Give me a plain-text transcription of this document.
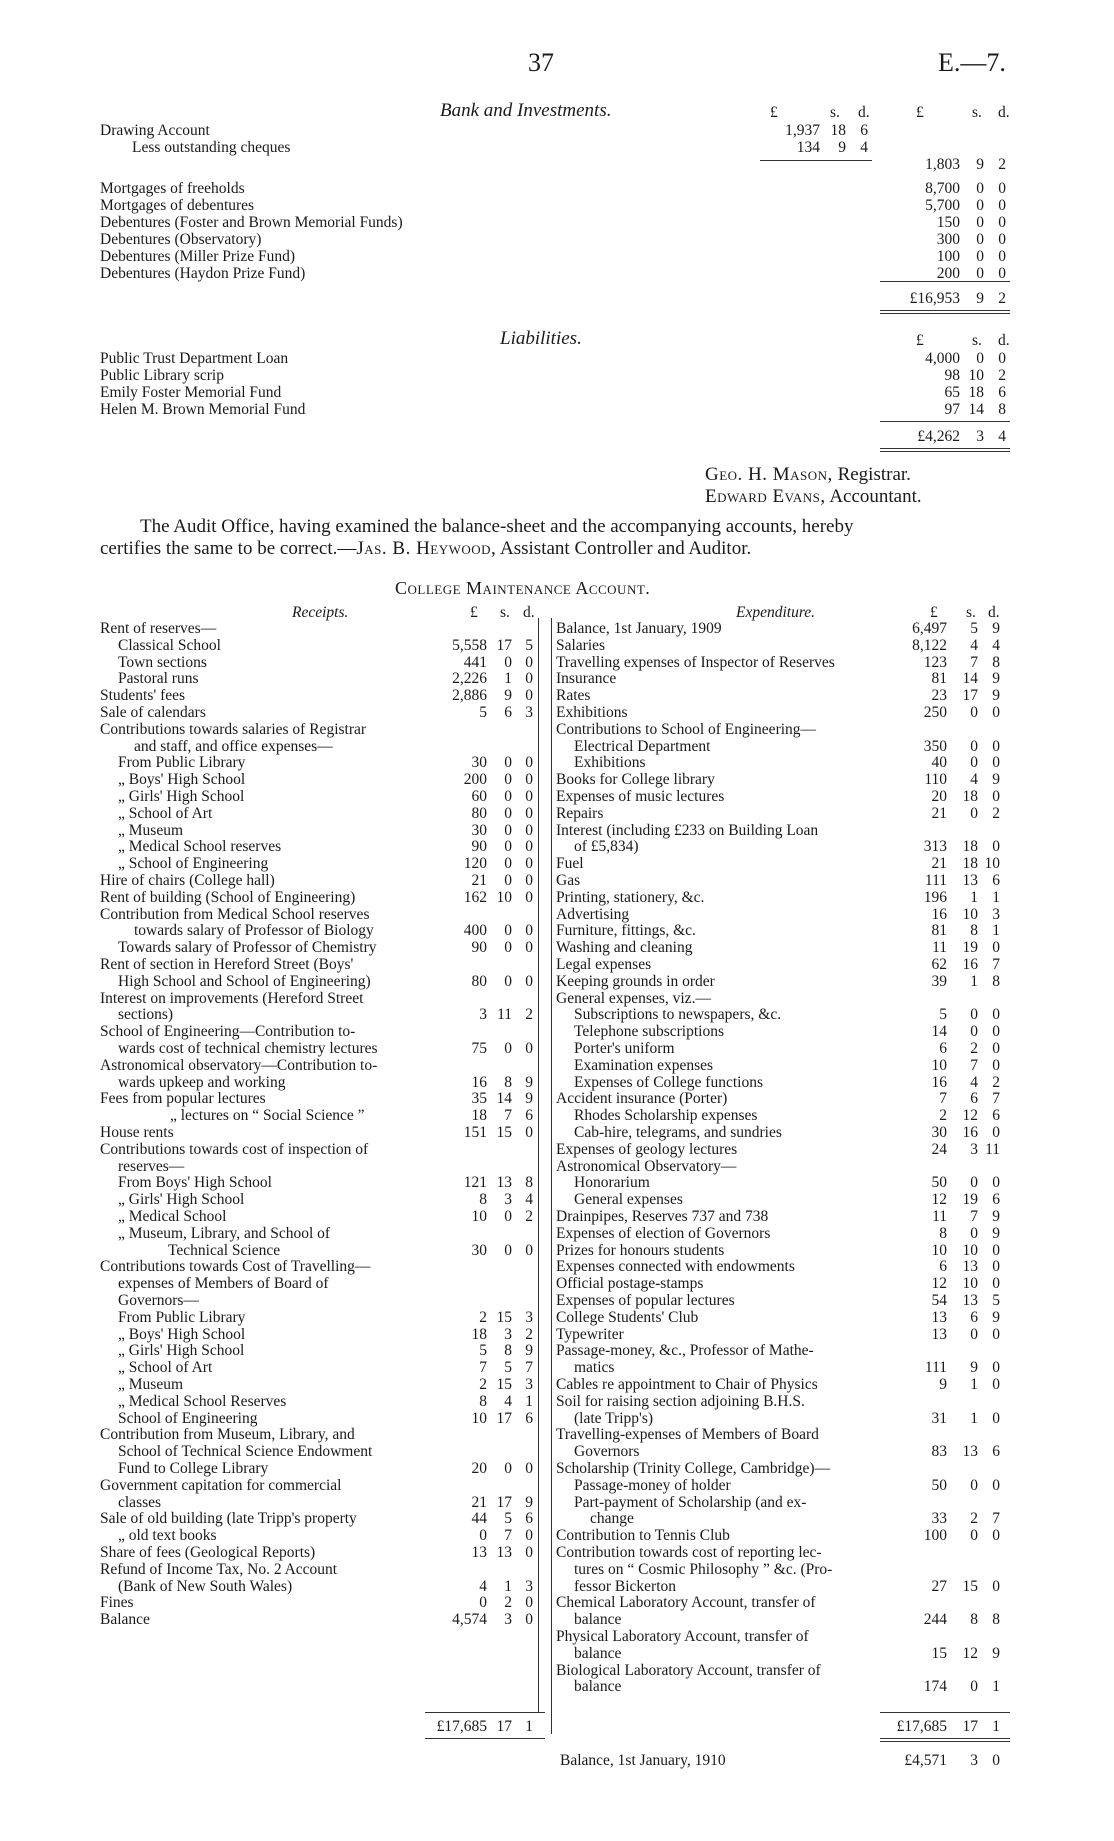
37	E.—7.
Bank and Investments.	£	s. d.	£	s. d.
Drawing Account	1,937 18 6
Less outstanding cheques	134	9 4
1,803	9 2
Mortgages of freeholds	8,700	0 0
Mortgages of debentures	5,700	0 0
Debentures (Foster and Brown Memorial Funds)	150	0 0
Debentures (Observatory)	300	0 0
Debentures (Miller Prize Fund)	100	0 0
Debentures (Haydon Prize Fund)	200	0 0
£16,953	9 2
Liabilities.	£	s. d.
Public Trust Department Loan	4,000	0 0
Public Library scrip	98 10 2
Emily Foster Memorial Fund	65 18 6
Helen M. Brown Memorial Fund	97 14 8
£4,262	3 4
Geo. H. Mason, Registrar.
Edward Evans, Accountant.
The Audit Office, having examined the balance-sheet and the accompanying accounts, hereby
certifies the same to be correct.—Jas. B. Heywood, Assistant Controller and Auditor.
College Maintenance Account.
Receipts.	Expenditure.
£ s. d.	£ s. d.
Rent of reserves—
Classical School	5,558 17 5
Town sections	441	0 0
Pastoral runs	2,226	1 0
Students' fees	2,886	9 0
Sale of calendars	5	6 3
Contributions towards salaries of Registrar
and staff, and office expenses—
From Public Library	30	0 0
„ Boys' High School	200	0 0
„ Girls' High School	60	0 0
„ School of Art	80	0 0
„ Museum	30	0 0
„ Medical School reserves	90	0 0
„ School of Engineering	120	0 0
Hire of chairs (College hall)	21	0 0
Rent of building (School of Engineering)	162 10 0
Contribution from Medical School reserves
towards salary of Professor of Biology	400	0 0
Towards salary of Professor of Chemistry	90	0 0
Rent of section in Hereford Street (Boys'
High School and School of Engineering)	80	0 0
Interest on improvements (Hereford Street
sections)	3 11 2
School of Engineering—Contribution to-
wards cost of technical chemistry lectures	75	0 0
Astronomical observatory—Contribution to-
wards upkeep and working	16	8 9
Fees from popular lectures	35 14 9
„ lectures on “ Social Science ”	18	7 6
House rents	151 15 0
Contributions towards cost of inspection of
reserves—
From Boys' High School	121 13 8
„ Girls' High School	8	3 4
„ Medical School	10	0 2
„ Museum, Library, and School of
Technical Science	30	0 0
Contributions towards Cost of Travelling—
expenses of Members of Board of
Governors—
From Public Library	2 15 3
„ Boys' High School	18	3 2
„ Girls' High School	5	8 9
„ School of Art	7	5 7
„ Museum	2 15 3
„ Medical School Reserves	8	4 1
School of Engineering	10 17 6
Contribution from Museum, Library, and
School of Technical Science Endowment
Fund to College Library	20	0 0
Government capitation for commercial
classes	21 17 9
Sale of old building (late Tripp's property	44	5 6
„ old text books	0	7 0
Share of fees (Geological Reports)	13 13 0
Refund of Income Tax, No. 2 Account
(Bank of New South Wales)	4	1 3
Fines	0	2 0
Balance	4,574	3 0
Balance, 1st January, 1909	6,497	5 9
Salaries	8,122	4 4
Travelling expenses of Inspector of Reserves	123	7 8
Insurance	81	14 9
Rates	23	17 9
Exhibitions	250	0 0
Contributions to School of Engineering—
Electrical Department	350	0 0
Exhibitions	40	0 0
Books for College library	110	4 9
Expenses of music lectures	20	18 0
Repairs	21	0 2
Interest (including £233 on Building Loan
of £5,834)	313	18 0
Fuel	21	18 10
Gas	111	13 6
Printing, stationery, &c.	196	1 1
Advertising	16	10 3
Furniture, fittings, &c.	81	8 1
Washing and cleaning	11	19 0
Legal expenses	62	16 7
Keeping grounds in order	39	1 8
General expenses, viz.—
Subscriptions to newspapers, &c.	5	0 0
Telephone subscriptions	14	0 0
Porter's uniform	6	2 0
Examination expenses	10	7 0
Expenses of College functions	16	4 2
Accident insurance (Porter)	7	6 7
Rhodes Scholarship expenses	2	12 6
Cab-hire, telegrams, and sundries	30	16 0
Expenses of geology lectures	24	3 11
Astronomical Observatory—
Honorarium	50	0 0
General expenses	12	19 6
Drainpipes, Reserves 737 and 738	11	7 9
Expenses of election of Governors	8	0 9
Prizes for honours students	10	10 0
Expenses connected with endowments	6	13 0
Official postage-stamps	12	10 0
Expenses of popular lectures	54	13 5
College Students' Club	13	6 9
Typewriter	13	0 0
Passage-money, &c., Professor of Mathe-
matics	111	9 0
Cables re appointment to Chair of Physics	9	1 0
Soil for raising section adjoining B.H.S.
(late Tripp's)	31	1 0
Travelling-expenses of Members of Board
Governors	83	13 6
Scholarship (Trinity College, Cambridge)—
Passage-money of holder	50	0 0
Part-payment of Scholarship (and ex-
change	33	2 7
Contribution to Tennis Club	100	0 0
Contribution towards cost of reporting lec-
tures on “ Cosmic Philosophy ” &c. (Pro-
fessor Bickerton	27	15 0
Chemical Laboratory Account, transfer of
balance	244	8 8
Physical Laboratory Account, transfer of
balance	15	12 9
Biological Laboratory Account, transfer of
balance	174	0 1
£17,685 17 1	£17,685	17 1
Balance, 1st January, 1910	£4,571	3 0
